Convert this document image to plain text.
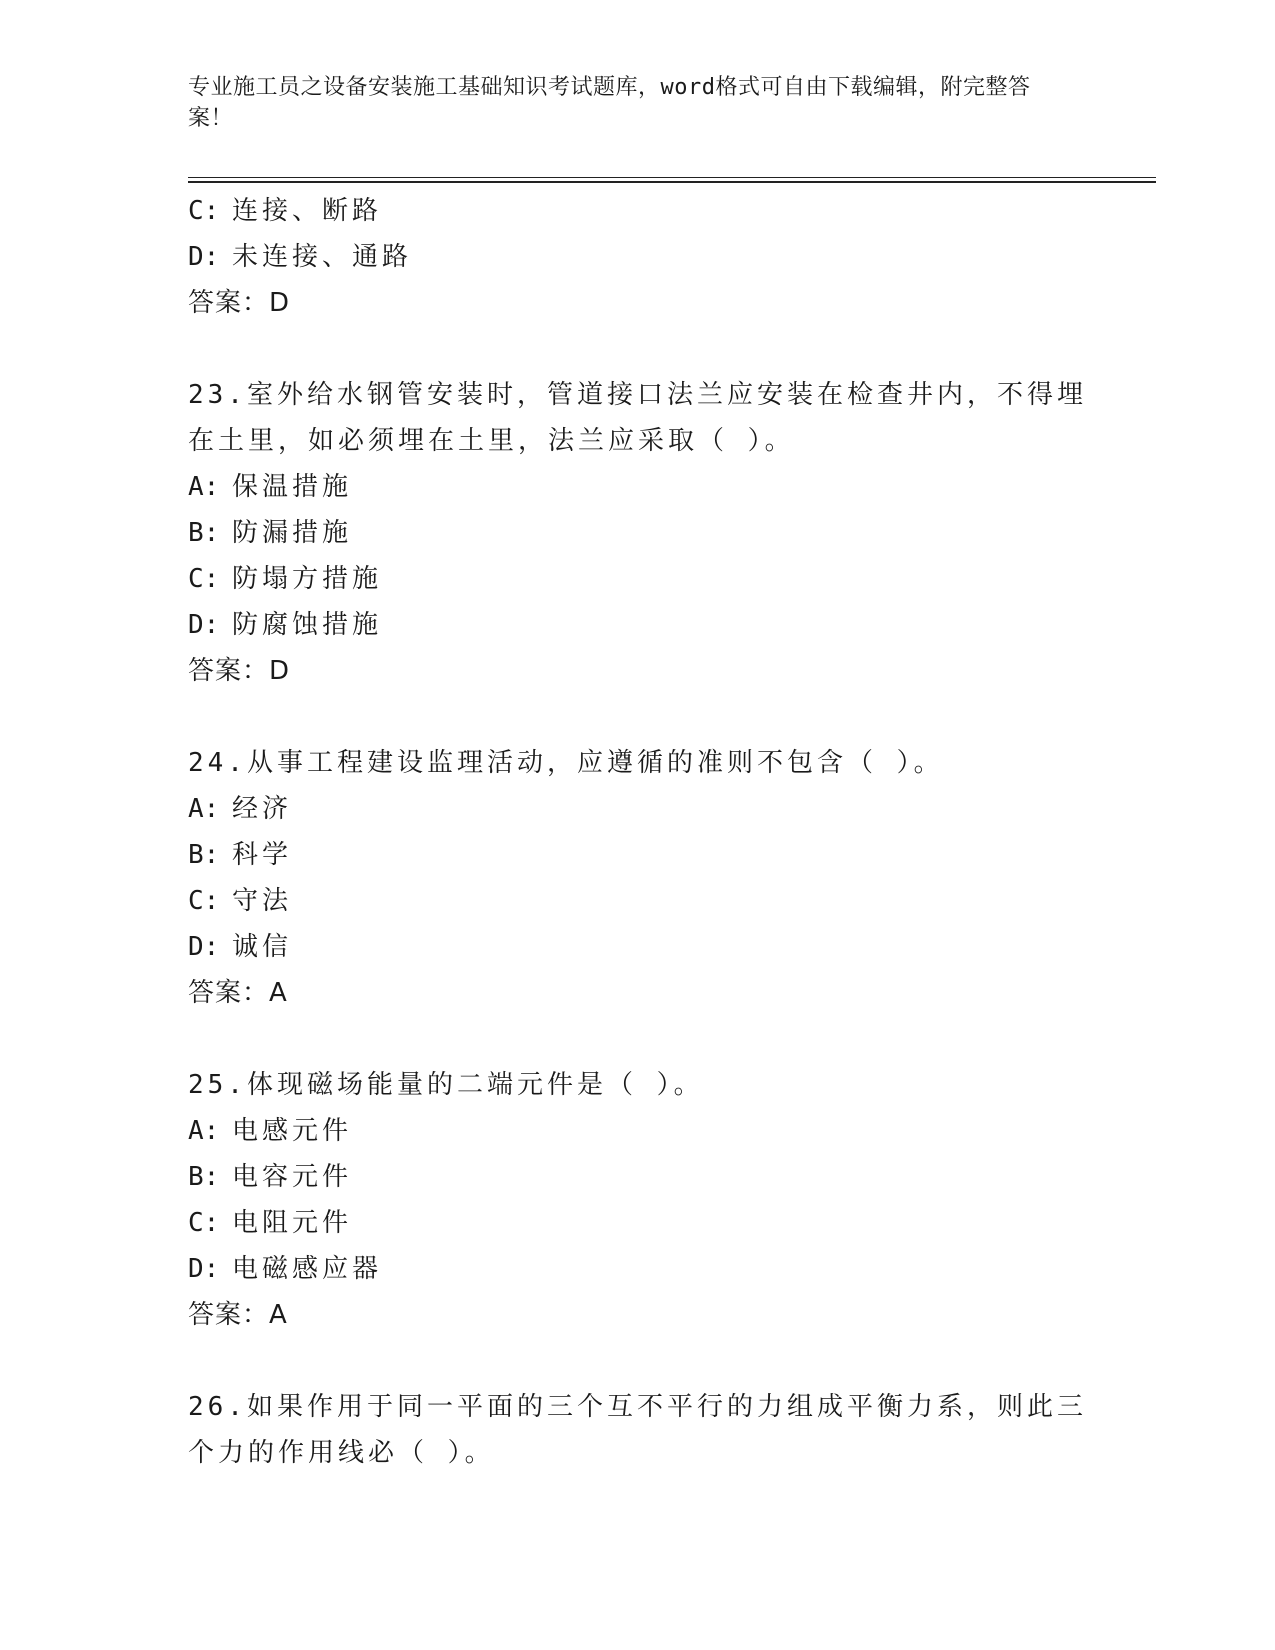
专业施工员之设备安装施工基础知识考试题库，word格式可自由下载编辑，附完整答案！
C: 连接、断路
D: 未连接、通路
答案：D
23.室外给水钢管安装时，管道接口法兰应安装在检查井内，不得埋在土里，如必须埋在土里，法兰应采取（ ）。
A: 保温措施
B: 防漏措施
C: 防塌方措施
D: 防腐蚀措施
答案：D
24.从事工程建设监理活动，应遵循的准则不包含（ ）。
A: 经济
B: 科学
C: 守法
D: 诚信
答案：A
25.体现磁场能量的二端元件是（ ）。
A: 电感元件
B: 电容元件
C: 电阻元件
D: 电磁感应器
答案：A
26.如果作用于同一平面的三个互不平行的力组成平衡力系，则此三个力的作用线必（ ）。
